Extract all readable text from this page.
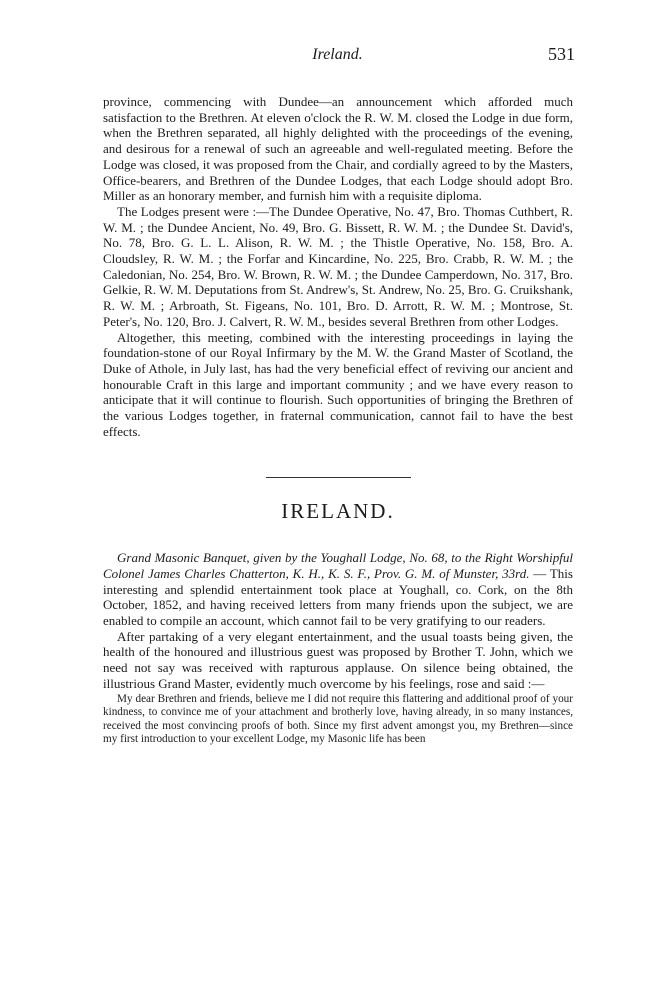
Ireland.	531

province, commencing with Dundee—an announcement which afforded much satisfaction to the Brethren. At eleven o'clock the R. W. M. closed the Lodge in due form, when the Brethren separated, all highly delighted with the proceedings of the evening, and desirous for a renewal of such an agreeable and well-regulated meeting. Before the Lodge was closed, it was proposed from the Chair, and cordially agreed to by the Masters, Office-bearers, and Brethren of the Dundee Lodges, that each Lodge should adopt Bro. Miller as an honorary member, and furnish him with a requisite diploma.

The Lodges present were :—The Dundee Operative, No. 47, Bro. Thomas Cuthbert, R. W. M. ; the Dundee Ancient, No. 49, Bro. G. Bissett, R. W. M. ; the Dundee St. David's, No. 78, Bro. G. L. L. Alison, R. W. M. ; the Thistle Operative, No. 158, Bro. A. Cloudsley, R. W. M. ; the Forfar and Kincardine, No. 225, Bro. Crabb, R. W. M. ; the Caledonian, No. 254, Bro. W. Brown, R. W. M. ; the Dundee Camperdown, No. 317, Bro. Gelkie, R. W. M. Deputations from St. Andrew's, St. Andrew, No. 25, Bro. G. Cruikshank, R. W. M. ; Arbroath, St. Figeans, No. 101, Bro. D. Arrott, R. W. M. ; Montrose, St. Peter's, No. 120, Bro. J. Calvert, R. W. M., besides several Brethren from other Lodges.

Altogether, this meeting, combined with the interesting proceedings in laying the foundation-stone of our Royal Infirmary by the M. W. the Grand Master of Scotland, the Duke of Athole, in July last, has had the very beneficial effect of reviving our ancient and honourable Craft in this large and important community ; and we have every reason to anticipate that it will continue to flourish. Such opportunities of bringing the Brethren of the various Lodges together, in fraternal communication, cannot fail to have the best effects.

IRELAND.

Grand Masonic Banquet, given by the Youghall Lodge, No. 68, to the Right Worshipful Colonel James Charles Chatterton, K. H., K. S. F., Prov. G. M. of Munster, 33rd. — This interesting and splendid entertainment took place at Youghall, co. Cork, on the 8th October, 1852, and having received letters from many friends upon the subject, we are enabled to compile an account, which cannot fail to be very gratifying to our readers.

After partaking of a very elegant entertainment, and the usual toasts being given, the health of the honoured and illustrious guest was proposed by Brother T. John, which we need not say was received with rapturous applause. On silence being obtained, the illustrious Grand Master, evidently much overcome by his feelings, rose and said :—

My dear Brethren and friends, believe me I did not require this flattering and additional proof of your kindness, to convince me of your attachment and brotherly love, having already, in so many instances, received the most convincing proofs of both. Since my first advent amongst you, my Brethren—since my first introduction to your excellent Lodge, my Masonic life has been
